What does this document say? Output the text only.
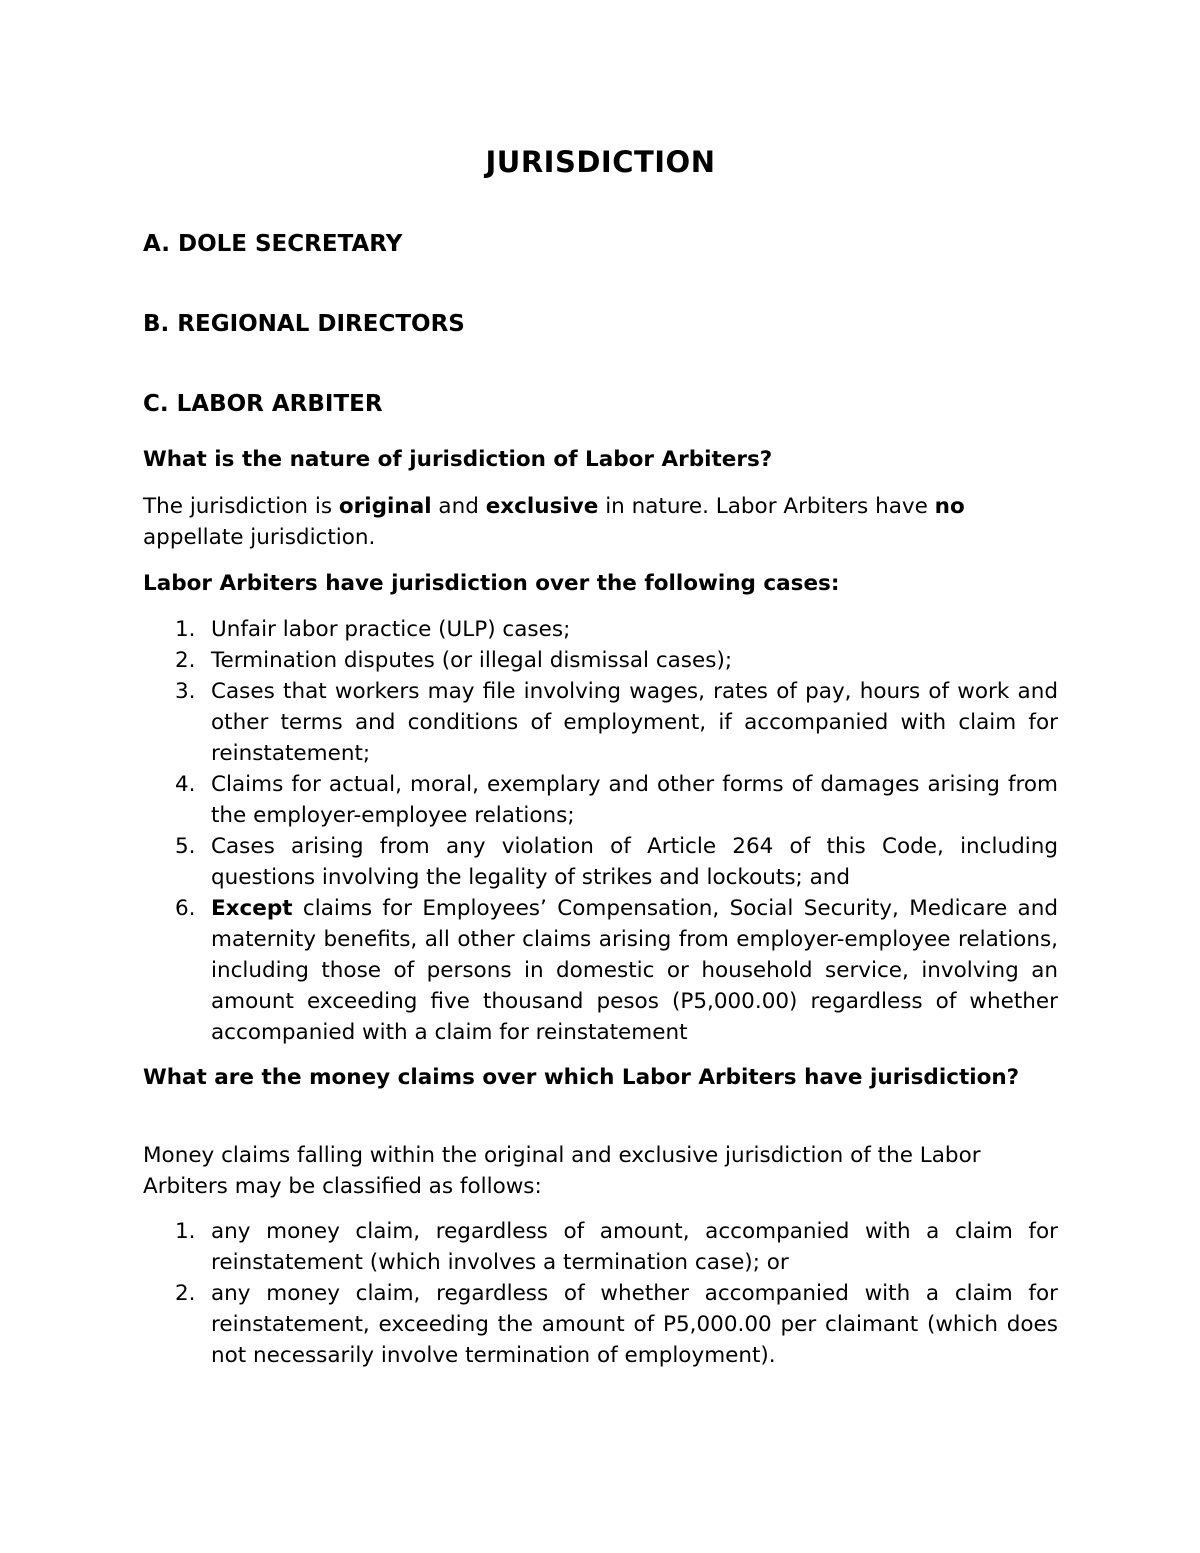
JURISDICTION
A. DOLE SECRETARY
B. REGIONAL DIRECTORS
C. LABOR ARBITER
What is the nature of jurisdiction of Labor Arbiters?
The jurisdiction is original and exclusive in nature. Labor Arbiters have no appellate jurisdiction.
Labor Arbiters have jurisdiction over the following cases:
1. Unfair labor practice (ULP) cases;
2. Termination disputes (or illegal dismissal cases);
3. Cases that workers may file involving wages, rates of pay, hours of work and other terms and conditions of employment, if accompanied with claim for reinstatement;
4. Claims for actual, moral, exemplary and other forms of damages arising from the employer-employee relations;
5. Cases arising from any violation of Article 264 of this Code, including questions involving the legality of strikes and lockouts; and
6. Except claims for Employees’ Compensation, Social Security, Medicare and maternity benefits, all other claims arising from employer-employee relations, including those of persons in domestic or household service, involving an amount exceeding five thousand pesos (P5,000.00) regardless of whether accompanied with a claim for reinstatement
What are the money claims over which Labor Arbiters have jurisdiction?
Money claims falling within the original and exclusive jurisdiction of the Labor Arbiters may be classified as follows:
1. any money claim, regardless of amount, accompanied with a claim for reinstatement (which involves a termination case); or
2. any money claim, regardless of whether accompanied with a claim for reinstatement, exceeding the amount of P5,000.00 per claimant (which does not necessarily involve termination of employment).
